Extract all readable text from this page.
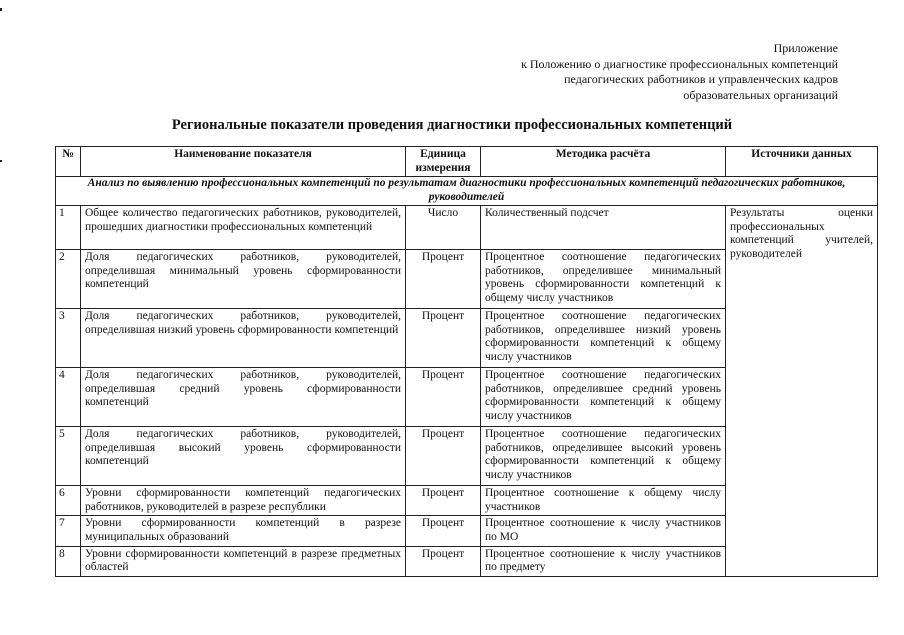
Приложение
к Положению о диагностике профессиональных компетенций
педагогических работников и управленческих кадров
образовательных организаций
Региональные показатели проведения диагностики профессиональных компетенций
№	Наименование показателя	Единица измерения	Методика расчёта	Источники данных
Анализ по выявлению профессиональных компетенций по результатам диагностики профессиональных компетенций педагогических работников, руководителей				
1	Общее количество педагогических работников, руководителей, прошедших диагностики профессиональных компетенций	Число	Количественный подсчет	Результаты оценки профессиональных компетенций учителей, руководителей
2	Доля педагогических работников, руководителей, определившая минимальный уровень сформированности компетенций	Процент	Процентное соотношение педагогических работников, определившее минимальный уровень сформированности компетенций к общему числу участников	
3	Доля педагогических работников, руководителей, определившая низкий уровень сформированности компетенций	Процент	Процентное соотношение педагогических работников, определившее низкий уровень сформированности компетенций к общему числу участников	
4	Доля педагогических работников, руководителей, определившая средний уровень сформированности компетенций	Процент	Процентное соотношение педагогических работников, определившее средний уровень сформированности компетенций к общему числу участников	
5	Доля педагогических работников, руководителей, определившая высокий уровень сформированности компетенций	Процент	Процентное соотношение педагогических работников, определившее высокий уровень сформированности компетенций к общему числу участников	
6	Уровни сформированности компетенций педагогических работников, руководителей в разрезе республики	Процент	Процентное соотношение к общему числу участников	
7	Уровни сформированности компетенций в разрезе муниципальных образований	Процент	Процентное соотношение к числу участников по МО	
8	Уровни сформированности компетенций в разрезе предметных областей	Процент	Процентное соотношение к числу участников по предмету	
